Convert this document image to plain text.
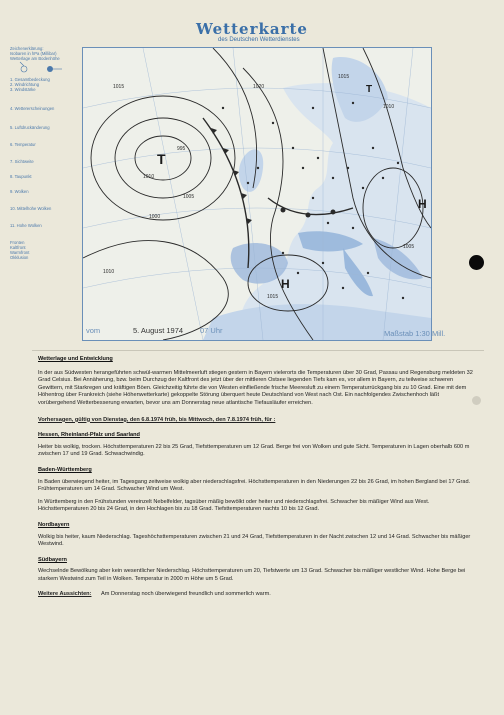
Wetterkarte
des Deutschen Wetterdienstes
Zeichenerklärung:
Isobaren in hPa (Millibar)
Wetterlage am Bodenhöhe
1. Gesamtbedeckung
2. Windrichtung
3. Windstärke
4. Wettererscheinungen
5. Luftdruckänderung
6. Temperatur
7. Sichtweite
8. Taupunkt
9. Wolken
10. Mittelhohe Wolken
11. Hohe Wolken
Fronten
Kaltfront
Warmfront
Okklusion
1015
1010
1005
1000
995
1010
1015
1020
1015
1010
1005
T
H
H
T
vom	5. August 1974 07 Uhr	Maßstab 1:30 Mill.
Wetterlage und Entwicklung

In der aus Südwesten herangeführten schwül-warmen Mittelmeerluft stiegen gestern in Bayern vielerorts die Temperaturen über 30 Grad, Passau und Regensburg meldeten 32 Grad Celsius. Bei Annäherung, bzw. beim Durchzug der Kaltfront des jetzt über der mittleren Ostsee liegenden Tiefs kam es, vor allem in Bayern, zu teilweise schweren Gewittern, mit Starkregen und kräftigen Böen. Gleichzeitig führte die von Westen einfließende frische Meeresluft zu einem Temperaturrückgang bis zu 10 Grad. Eine mit dem Höhentrog über Frankreich (siehe Höhenwetterkarte) gekoppelte Störung überquert heute Deutschland von West nach Ost. Ein nachfolgendes Zwischenhoch läßt vorübergehend Wetterbesserung erwarten, bevor uns am Donnerstag neue atlantische Tiefausläufer erreichen.

Vorhersagen, gültig von Dienstag, den 6.8.1974 früh, bis Mittwoch, den 7.8.1974 früh, für :
Hessen, Rheinland-Pfalz und Saarland

Heiter bis wolkig, trocken. Höchsttemperaturen 22 bis 25 Grad, Tiefsttemperaturen um 12 Grad. Berge frei von Wolken und gute Sicht. Temperaturen in Lagen oberhalb 600 m zwischen 17 und 19 Grad. Schwachwindig.

Baden-Württemberg

In Baden überwiegend heiter, im Tagesgang zeitweise wolkig aber niederschlagsfrei. Höchsttemperaturen in den Niederungen 22 bis 26 Grad, im hohen Bergland bei 17 Grad. Frühtemperaturen um 14 Grad. Schwacher Wind um West.

In Württemberg in den Frühstunden vereinzelt Nebelfelder, tagsüber mäßig bewölkt oder heiter und niederschlagsfrei. Schwacher bis mäßiger Wind aus West. Höchsttemperaturen 20 bis 24 Grad, in den Hochlagen bis zu 18 Grad. Tiefsttemperaturen nachts 10 bis 12 Grad.

Nordbayern

Wolkig bis heiter, kaum Niederschlag. Tageshöchsttemperaturen zwischen 21 und 24 Grad, Tiefsttemperaturen in der Nacht zwischen 12 und 14 Grad. Schwacher bis mäßiger Westwind.

Südbayern

Wechselnde Bewölkung aber kein wesentlicher Niederschlag. Höchsttemperaturen um 20, Tiefstwerte um 13 Grad. Schwacher bis mäßiger westlicher Wind. Hohe Berge bei starkem Westwind zum Teil in Wolken. Temperatur in 2000 m Höhe um 5 Grad.

Weitere Aussichten: Am Donnerstag noch überwiegend freundlich und sommerlich warm.
